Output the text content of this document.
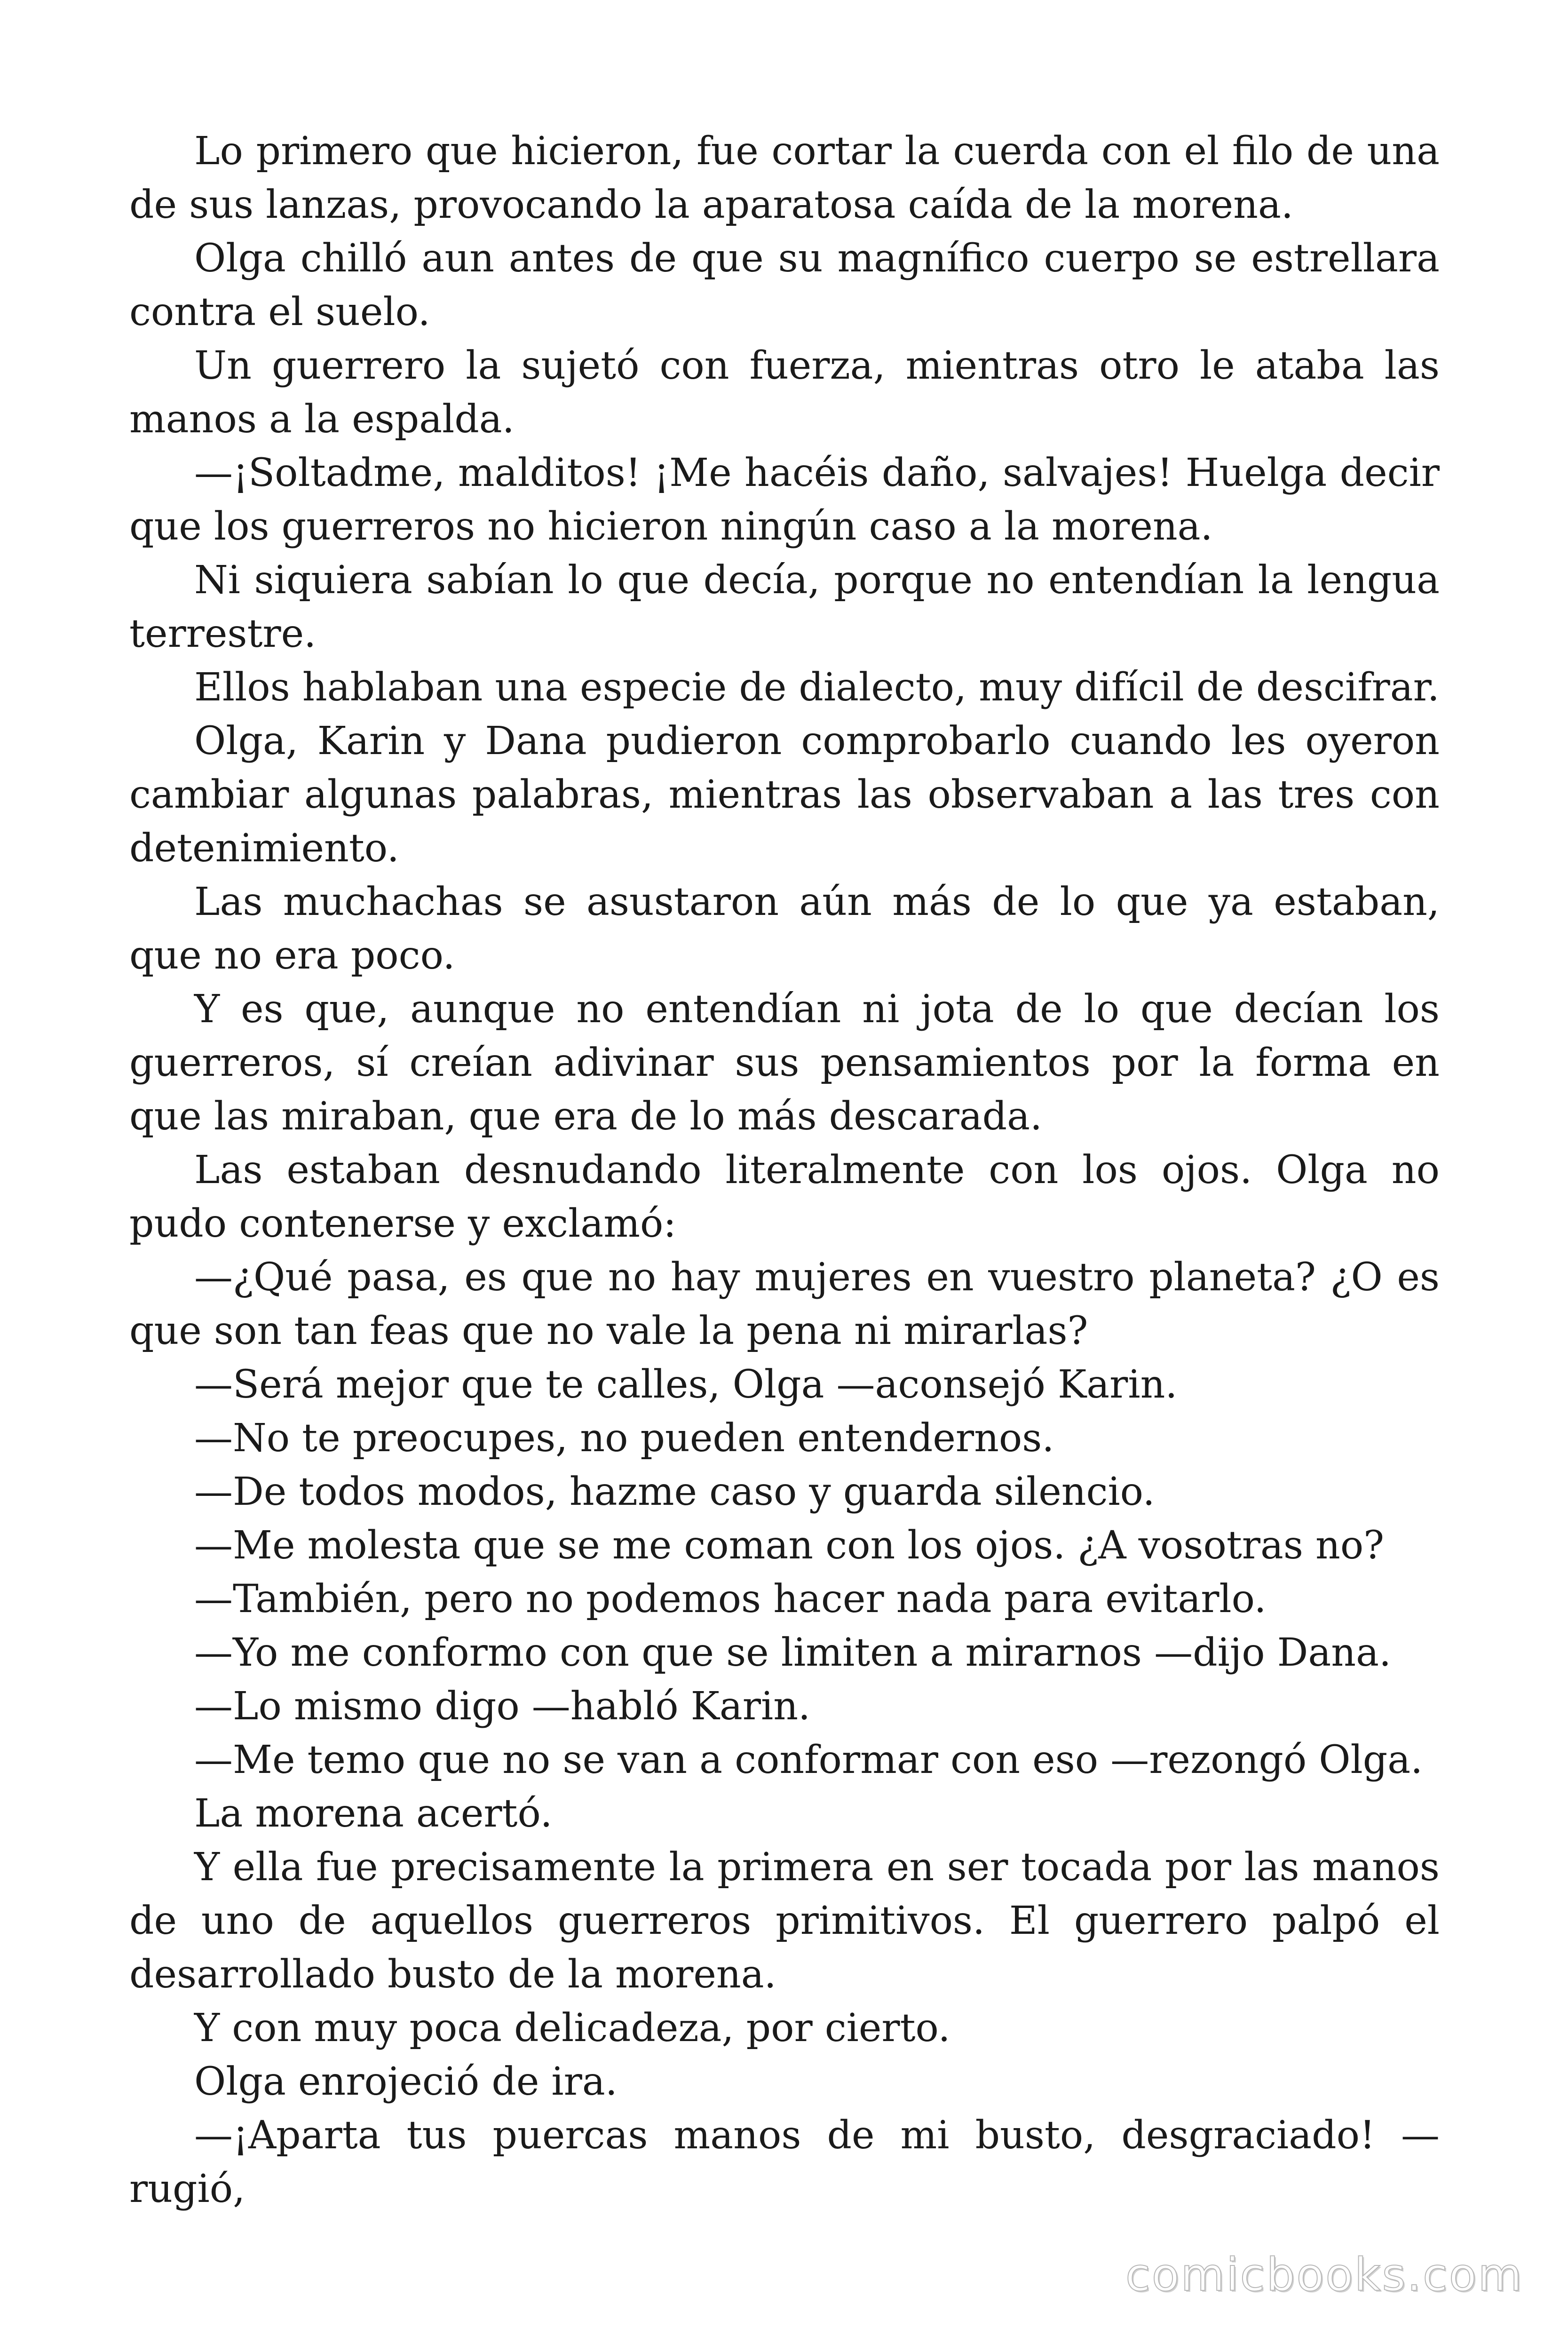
Lo primero que hicieron, fue cortar la cuerda con el filo de una de sus lanzas, provocando la aparatosa caída de la morena.

Olga chilló aun antes de que su magnífico cuerpo se estrellara contra el suelo.

Un guerrero la sujetó con fuerza, mientras otro le ataba las manos a la espalda.

—¡Soltadme, malditos! ¡Me hacéis daño, salvajes! Huelga decir que los guerreros no hicieron ningún caso a la morena.

Ni siquiera sabían lo que decía, porque no entendían la lengua terrestre.

Ellos hablaban una especie de dialecto, muy difícil de descifrar.

Olga, Karin y Dana pudieron comprobarlo cuando les oyeron cambiar algunas palabras, mientras las observaban a las tres con detenimiento.

Las muchachas se asustaron aún más de lo que ya estaban, que no era poco.

Y es que, aunque no entendían ni jota de lo que decían los guerreros, sí creían adivinar sus pensamientos por la forma en que las miraban, que era de lo más descarada.

Las estaban desnudando literalmente con los ojos. Olga no pudo contenerse y exclamó:

—¿Qué pasa, es que no hay mujeres en vuestro planeta? ¿O es que son tan feas que no vale la pena ni mirarlas?

—Será mejor que te calles, Olga —aconsejó Karin.

—No te preocupes, no pueden entendernos.

—De todos modos, hazme caso y guarda silencio.

—Me molesta que se me coman con los ojos. ¿A vosotras no?

—También, pero no podemos hacer nada para evitarlo.

—Yo me conformo con que se limiten a mirarnos —dijo Dana.

—Lo mismo digo —habló Karin.

—Me temo que no se van a conformar con eso —rezongó Olga.

La morena acertó.

Y ella fue precisamente la primera en ser tocada por las manos de uno de aquellos guerreros primitivos. El guerrero palpó el desarrollado busto de la morena.

Y con muy poca delicadeza, por cierto.

Olga enrojeció de ira.

—¡Aparta tus puercas manos de mi busto, desgraciado! —rugió,

comicbooks.com
